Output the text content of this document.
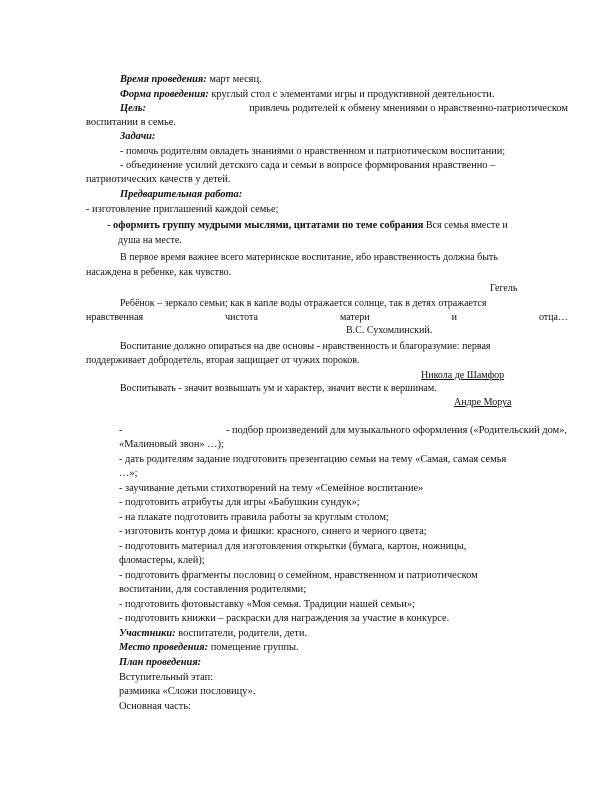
Время проведения: март месяц.
Форма проведения: круглый стол с элементами игры и продуктивной деятельности.
Цель:	привлечь родителей к обмену мнениями о нравственно-патриотическом
воспитании в семье.
Задачи:
- помочь родителям овладеть знаниями о нравственном и патриотическом воспитании;
- объединение усилий детского сада и семьи в вопросе формирования нравственно –
патриотических качеств у детей.
Предварительная работа:
- изготовление приглашений каждой семье;
- оформить группу мудрыми мыслями, цитатами по теме собрания Вся семья вместе и
душа на месте.
В первое время важнее всего материнское воспитание, ибо нравственность должна быть
насаждена в ребенке, как чувство.
Гегель
Ребёнок – зеркало семьи; как в капле воды отражается солнце, так в детях отражается
нравственная	чистота	матери	и	отца…
В.С. Сухомлинский.
Воспитание должно опираться на две основы - нравственность и благоразумие: первая
поддерживает добродетель, вторая защищает от чужих пороков.
Никола де Шамфор
Воспитывать - значит возвышать ум и характер, значит вести к вершинам.
Андре Моруа
-	- подбор произведений для музыкального оформления («Родительский дом»,
«Малиновый звон» …);
- дать родителям задание подготовить презентацию семьи на тему «Самая, самая семья
…»;
- заучивание детьми стихотворений на тему «Семейное воспитание»
- подготовить атрибуты для игры «Бабушкин сундук»;
- на плакате подготовить правила работы за круглым столом;
- изготовить контур дома и фишки: красного, синего и черного цвета;
- подготовить материал для изготовления открытки (бумага, картон, ножницы,
фломастеры, клей);
- подготовить фрагменты пословиц о семейном, нравственном и патриотическом
воспитании, для составления родителями;
- подготовить фотовыставку «Моя семья. Традиции нашей семьи»;
- подготовить книжки – раскраски для награждения за участие в конкурсе.
Участники: воспитатели, родители, дети.
Место проведения: помещение группы.
План проведения:
Вступительный этап:
разминка «Сложи пословицу».
Основная часть:
